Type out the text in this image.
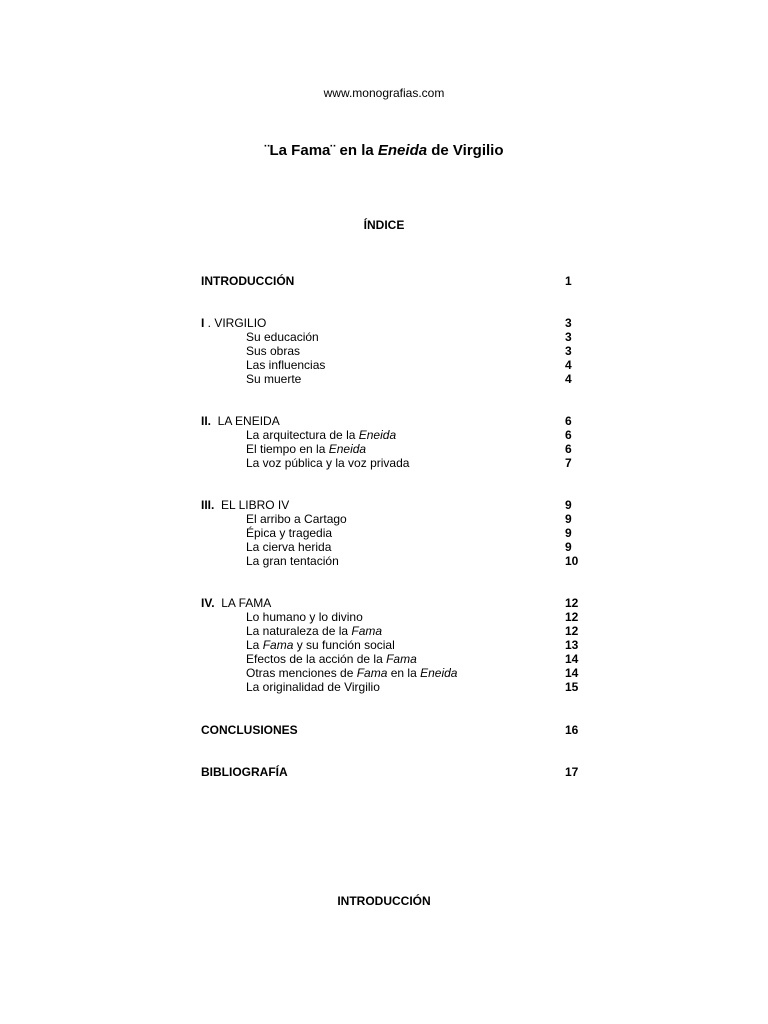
www.monografias.com
¨La Fama¨ en la Eneida de Virgilio
ÍNDICE
INTRODUCCIÓN	1
I . VIRGILIO	3
Su educación	3
Sus obras	3
Las influencias	4
Su muerte	4
II.  LA ENEIDA	6
La arquitectura de la Eneida	6
El tiempo en la Eneida	6
La voz pública y la voz privada	7
III.  EL LIBRO IV	9
El arribo a Cartago	9
Épica y tragedia	9
La cierva herida	9
La gran tentación	10
IV.  LA FAMA	12
Lo humano y lo divino	12
La naturaleza de la Fama	12
La Fama y su función social	13
Efectos de la acción de la Fama	14
Otras menciones de Fama en la Eneida	14
La originalidad de Virgilio	15
CONCLUSIONES	16
BIBLIOGRAFÍA	17
INTRODUCCIÓN
